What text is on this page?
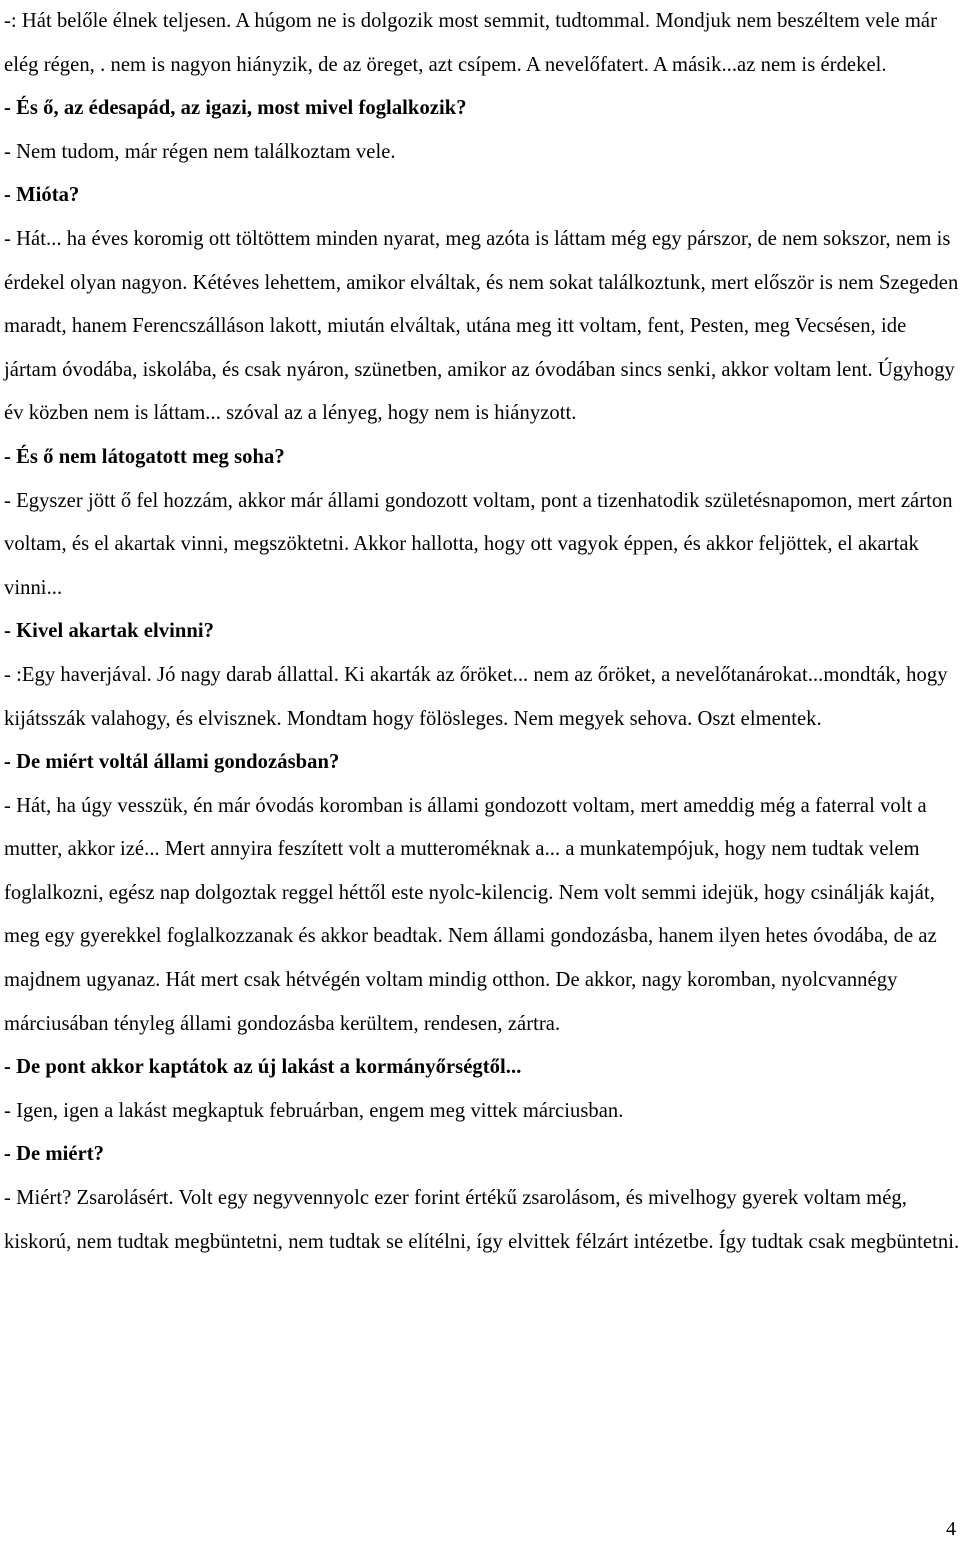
-: Hát belőle élnek teljesen. A húgom ne is dolgozik most semmit, tudtommal. Mondjuk nem beszéltem vele már elég régen, . nem is nagyon hiányzik, de az öreget, azt csípem. A nevelőfatert. A másik...az nem is érdekel.

- És ő, az édesapád, az igazi, most mivel foglalkozik?

- Nem tudom, már régen nem találkoztam vele.

- Mióta?

- Hát... ha éves koromig ott töltöttem minden nyarat, meg azóta is láttam még egy párszor, de nem sokszor, nem is érdekel olyan nagyon. Kétéves lehettem, amikor elváltak, és nem sokat találkoztunk, mert először is nem Szegeden maradt, hanem Ferencszálláson lakott, miután elváltak, utána meg itt voltam, fent, Pesten, meg Vecsésen, ide jártam óvodába, iskolába, és csak nyáron, szünetben, amikor az óvodában sincs senki, akkor voltam lent. Úgyhogy év közben nem is láttam... szóval az a lényeg, hogy nem is hiányzott.

- És ő nem látogatott meg soha?

- Egyszer jött ő fel hozzám, akkor már állami gondozott voltam, pont a tizenhatodik születésnapomon, mert zárton voltam, és el akartak vinni, megszöktetni. Akkor hallotta, hogy ott vagyok éppen, és akkor feljöttek, el akartak vinni...

- Kivel akartak elvinni?

- :Egy haverjával. Jó nagy darab állattal. Ki akarták az őröket... nem az őröket, a nevelőtanárokat...mondták, hogy kijátsszák valahogy, és elvisznek. Mondtam hogy fölösleges. Nem megyek sehova. Oszt elmentek.

- De miért voltál állami gondozásban?

- Hát, ha úgy vesszük, én már óvodás koromban is állami gondozott voltam, mert ameddig még a faterral volt a mutter, akkor izé... Mert annyira feszített volt a mutteroméknak a... a munkatempójuk, hogy nem tudtak velem foglalkozni, egész nap dolgoztak reggel héttől este nyolc-kilencig. Nem volt semmi idejük, hogy csinálják kaját, meg egy gyerekkel foglalkozzanak és akkor beadtak. Nem állami gondozásba, hanem ilyen hetes óvodába, de az majdnem ugyanaz. Hát mert csak hétvégén voltam mindig otthon. De akkor, nagy koromban, nyolcvannégy márciusában tényleg állami gondozásba kerültem, rendesen, zártra.

- De pont akkor kaptátok az új lakást a kormányőrségtől...

- Igen, igen a lakást megkaptuk februárban, engem meg vittek márciusban.

- De miért?

- Miért? Zsarolásért. Volt egy negyvennyolc ezer forint értékű zsarolásom, és mivelhogy gyerek voltam még, kiskorú, nem tudtak megbüntetni, nem tudtak se elítélni, így elvittek félzárt intézetbe. Így tudtak csak megbüntetni.

4
